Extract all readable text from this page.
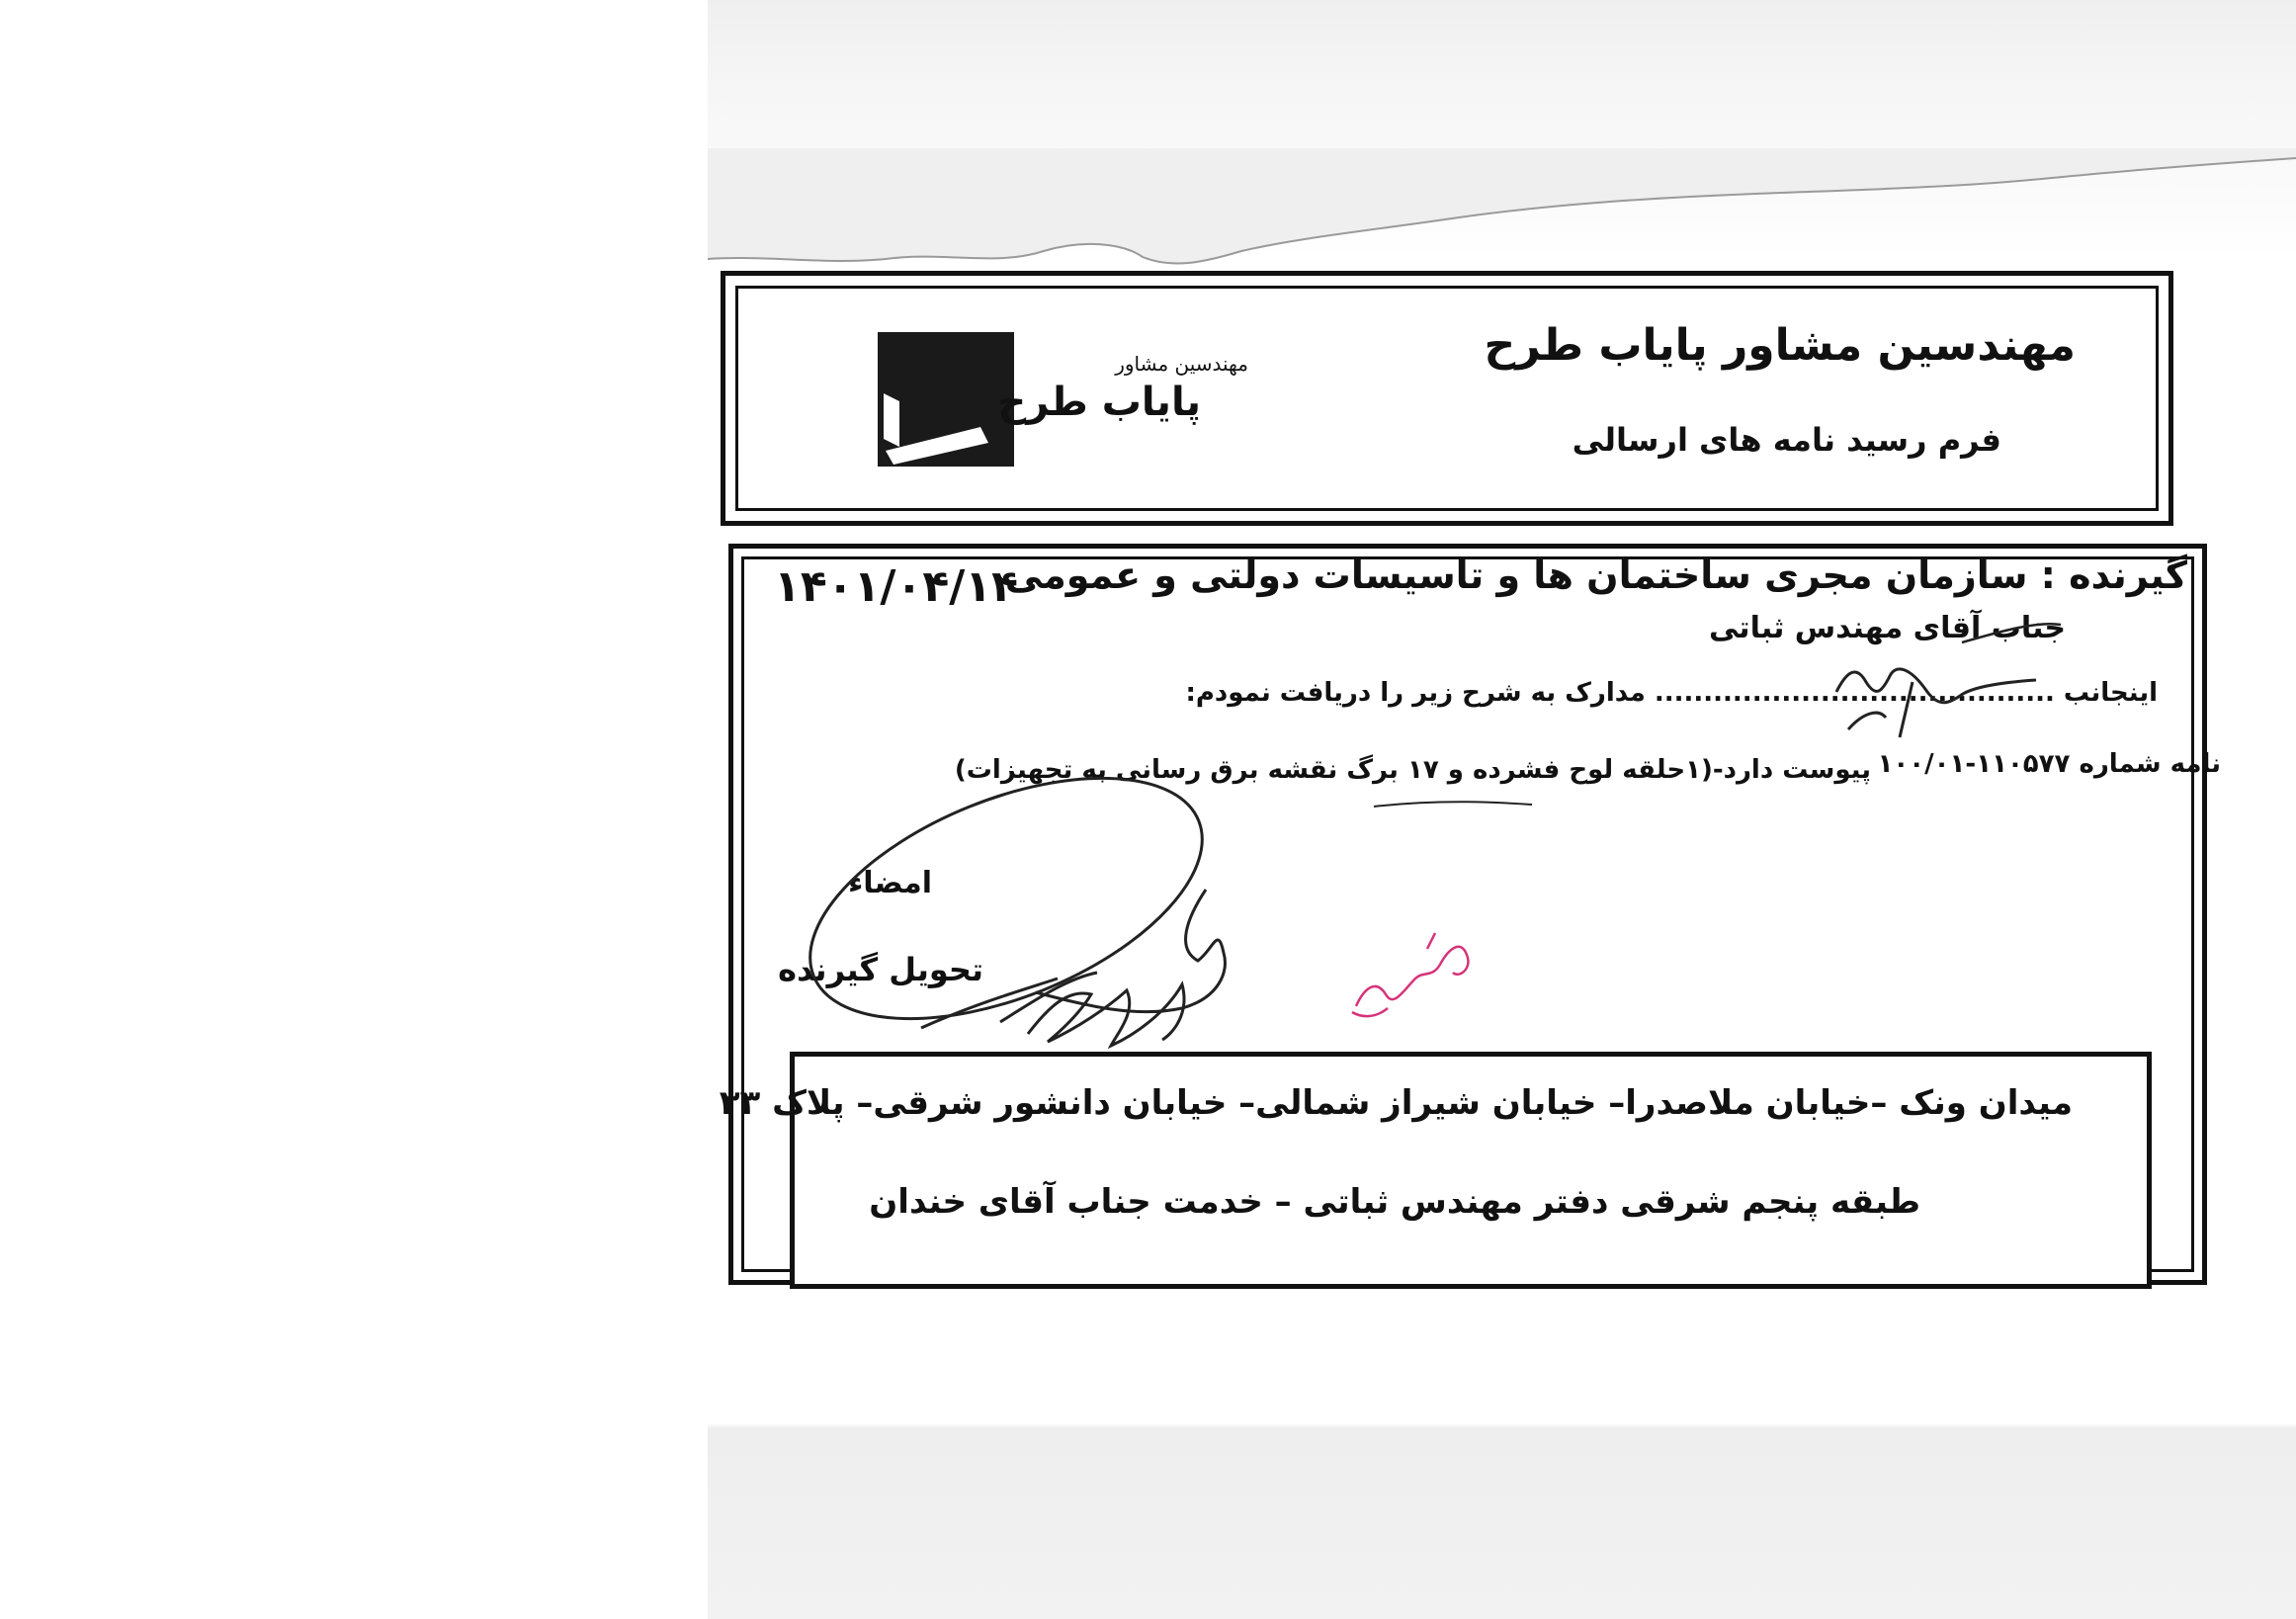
مهندسین مشاور پایاب طرح
فرم رسید نامه های ارسالی
مهندسین مشاور
پایاب طرح
۱۴۰۱/۰۴/۱۴
گیرنده : سازمان مجری ساختمان ها و تاسیسات دولتی و عمومی
جناب آقای مهندس ثباتی
اینجانب ......................................... مدارک به شرح زیر را دریافت نمودم:
نامه شماره ۱۱۰۵۷۷-۱۰۰/۰۱
پیوست دارد-(۱حلقه لوح فشرده و ۱۷ برگ نقشه برق رسانی به تجهیزات)
امضاء
تحویل گیرنده
میدان ونک –خیابان ملاصدرا– خیابان شیراز شمالی– خیابان دانشور شرقی– پلاک ۳۳
طبقه پنجم شرقی دفتر مهندس ثباتی – خدمت جناب آقای خندان
